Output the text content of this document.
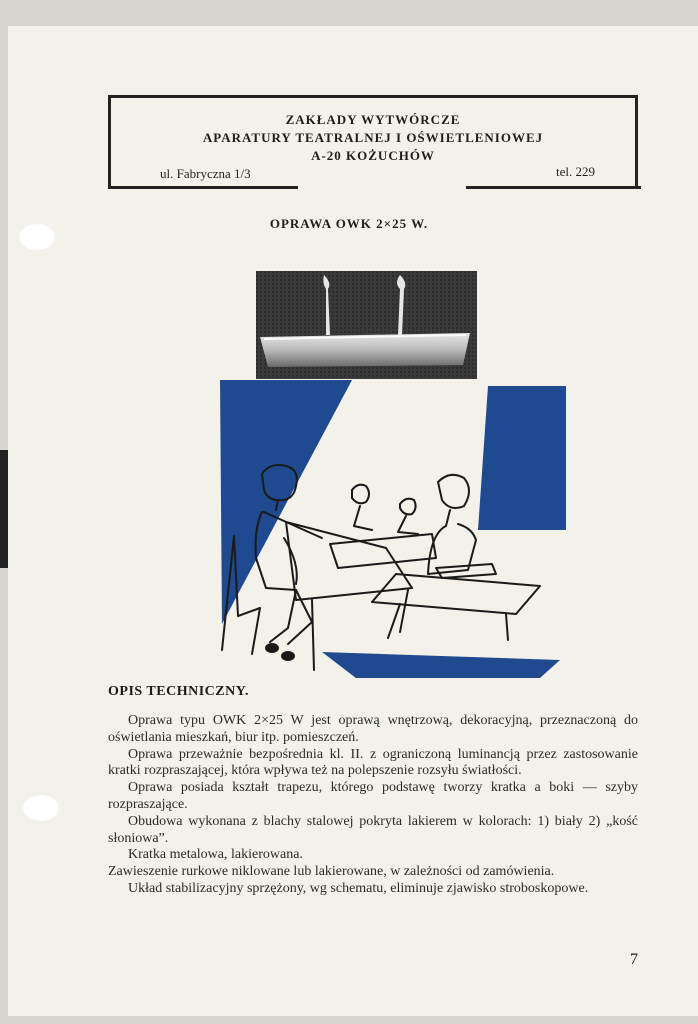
ZAKŁADY WYTWÓRCZE
APARATURY TEATRALNEJ I OŚWIETLENIOWEJ
A-20 KOŻUCHÓW
ul. Fabryczna 1/3	tel. 229
OPRAWA OWK 2×25 W.
OPIS TECHNICZNY.

Oprawa typu OWK 2×25 W jest oprawą wnętrzową, dekoracyjną, przeznaczoną do oświetlania mieszkań, biur itp. pomieszczeń.

Oprawa przeważnie bezpośrednia kl. II. z ograniczoną luminancją przez zastosowanie kratki rozpraszającej, która wpływa też na polepszenie rozsyłu światłości.

Oprawa posiada kształt trapezu, którego podstawę tworzy kratka a boki — szyby rozpraszające.

Obudowa wykonana z blachy stalowej pokryta lakierem w kolorach: 1) biały 2) „kość słoniowa”.

Kratka metalowa, lakierowana.

Zawieszenie rurkowe niklowane lub lakierowane, w zależności od zamówienia.

Układ stabilizacyjny sprzężony, wg schematu, eliminuje zjawisko stroboskopowe.

7
